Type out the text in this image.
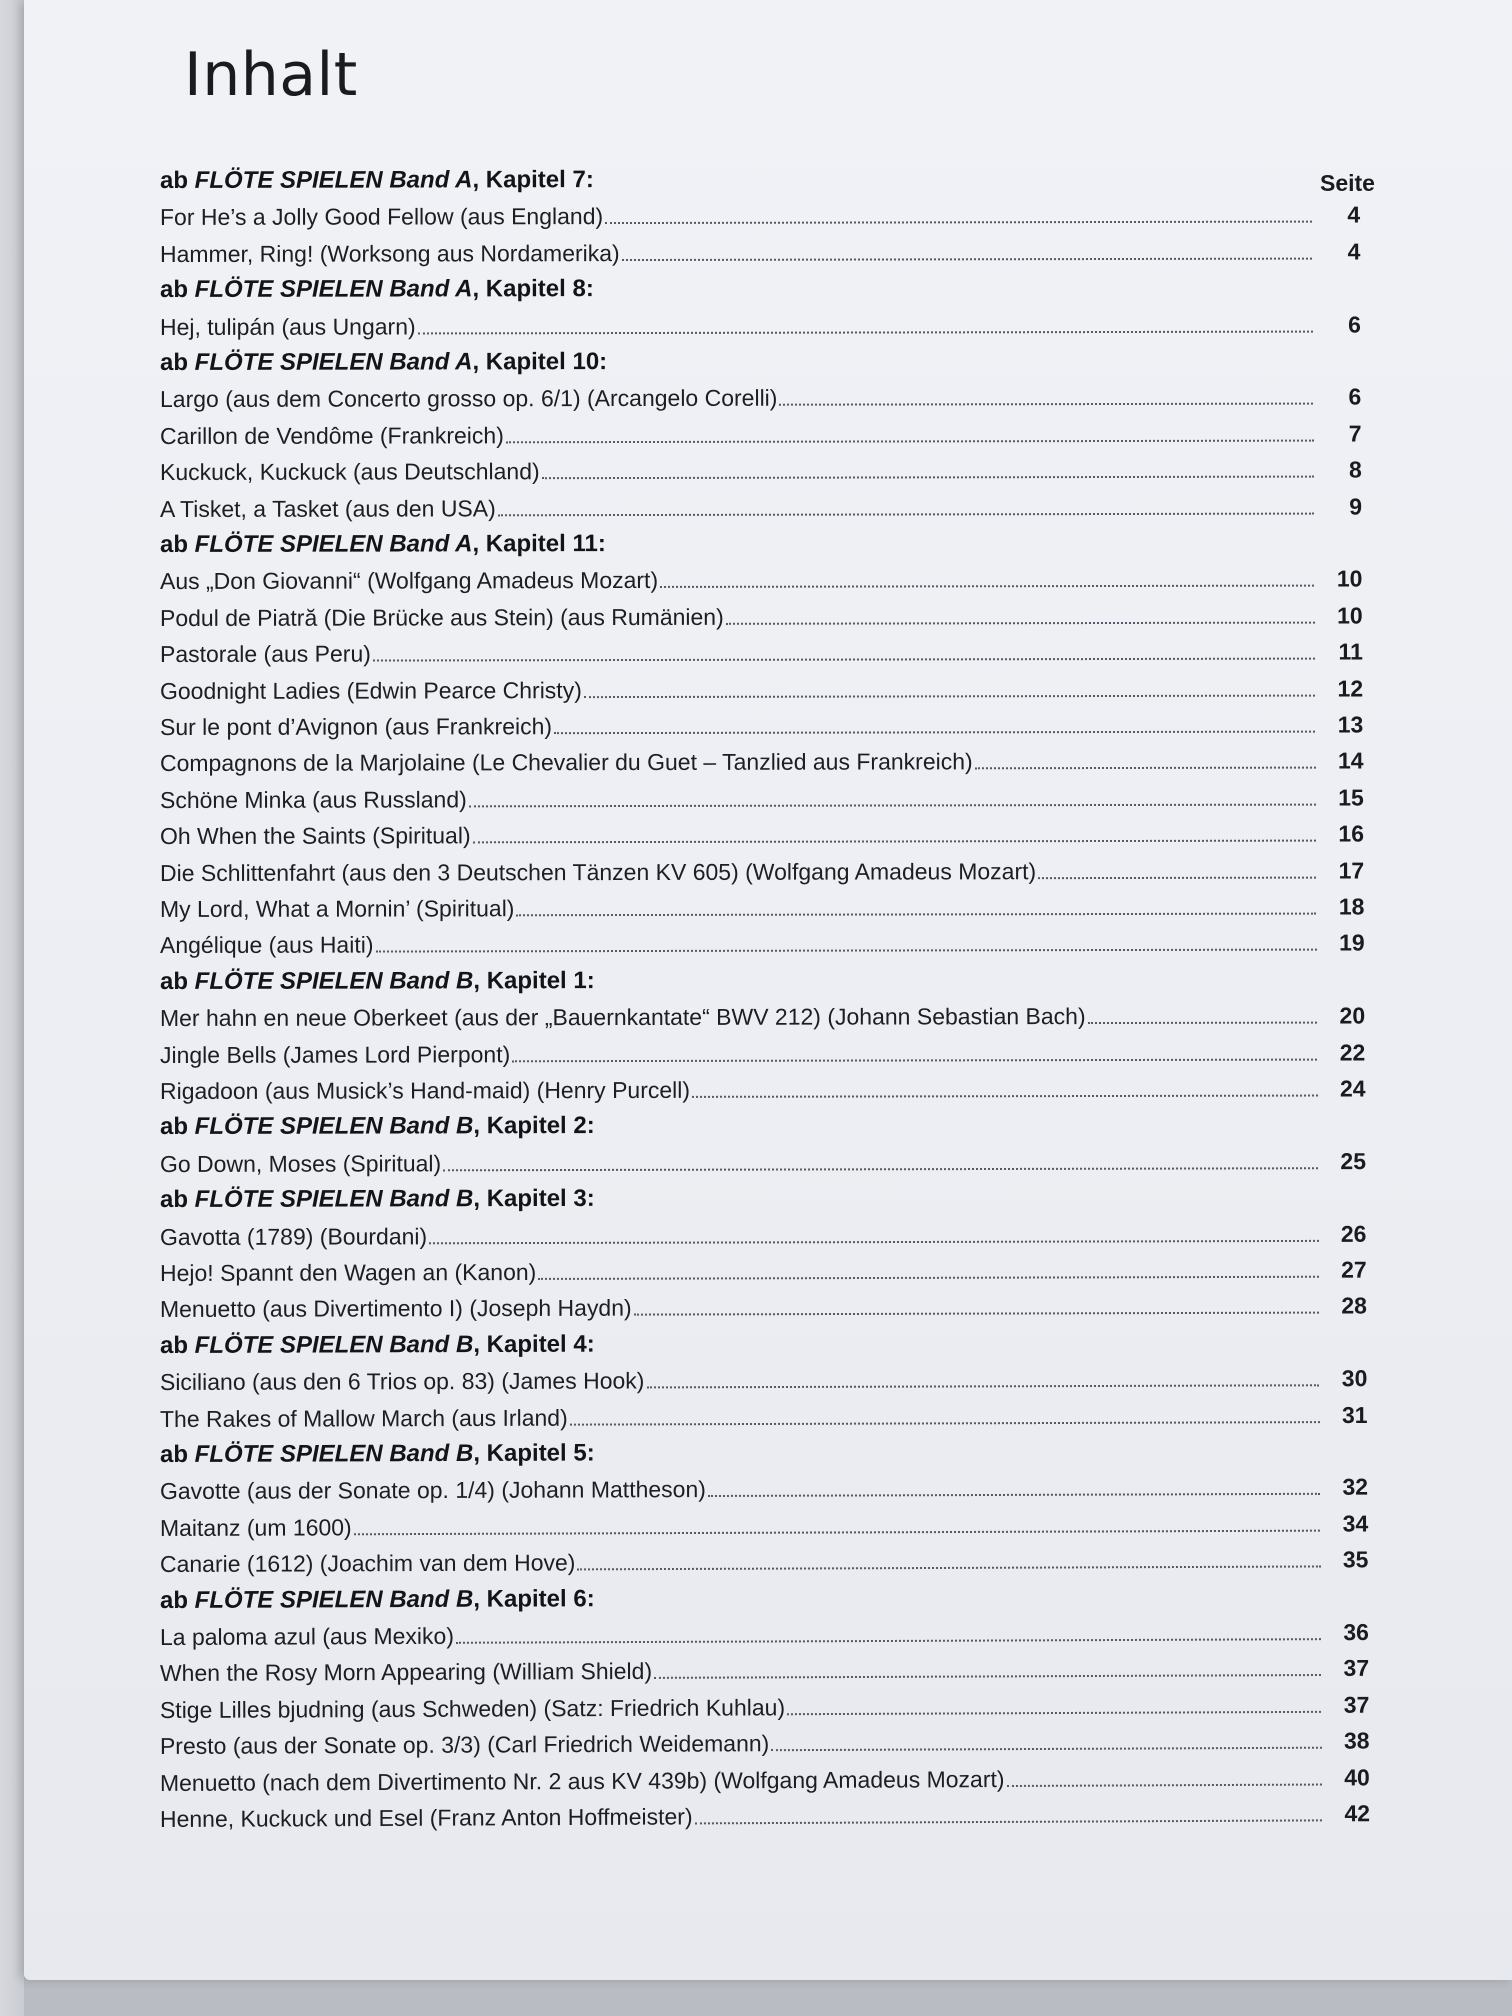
Inhalt
Seite
ab FLÖTE SPIELEN Band A, Kapitel 7:
For He’s a Jolly Good Fellow (aus England)	4
Hammer, Ring! (Worksong aus Nordamerika)	4
ab FLÖTE SPIELEN Band A, Kapitel 8:
Hej, tulipán (aus Ungarn)	6
ab FLÖTE SPIELEN Band A, Kapitel 10:
Largo (aus dem Concerto grosso op. 6/1) (Arcangelo Corelli)	6
Carillon de Vendôme (Frankreich)	7
Kuckuck, Kuckuck (aus Deutschland)	8
A Tisket, a Tasket (aus den USA)	9
ab FLÖTE SPIELEN Band A, Kapitel 11:
Aus „Don Giovanni“ (Wolfgang Amadeus Mozart)	10
Podul de Piatră (Die Brücke aus Stein) (aus Rumänien)	10
Pastorale (aus Peru)	11
Goodnight Ladies (Edwin Pearce Christy)	12
Sur le pont d’Avignon (aus Frankreich)	13
Compagnons de la Marjolaine (Le Chevalier du Guet – Tanzlied aus Frankreich)	14
Schöne Minka (aus Russland)	15
Oh When the Saints (Spiritual)	16
Die Schlittenfahrt (aus den 3 Deutschen Tänzen KV 605) (Wolfgang Amadeus Mozart)	17
My Lord, What a Mornin’ (Spiritual)	18
Angélique (aus Haiti)	19
ab FLÖTE SPIELEN Band B, Kapitel 1:
Mer hahn en neue Oberkeet (aus der „Bauernkantate“ BWV 212) (Johann Sebastian Bach)	20
Jingle Bells (James Lord Pierpont)	22
Rigadoon (aus Musick’s Hand-maid) (Henry Purcell)	24
ab FLÖTE SPIELEN Band B, Kapitel 2:
Go Down, Moses (Spiritual)	25
ab FLÖTE SPIELEN Band B, Kapitel 3:
Gavotta (1789) (Bourdani)	26
Hejo! Spannt den Wagen an (Kanon)	27
Menuetto (aus Divertimento I) (Joseph Haydn)	28
ab FLÖTE SPIELEN Band B, Kapitel 4:
Siciliano (aus den 6 Trios op. 83) (James Hook)	30
The Rakes of Mallow March (aus Irland)	31
ab FLÖTE SPIELEN Band B, Kapitel 5:
Gavotte (aus der Sonate op. 1/4) (Johann Mattheson)	32
Maitanz (um 1600)	34
Canarie (1612) (Joachim van dem Hove)	35
ab FLÖTE SPIELEN Band B, Kapitel 6:
La paloma azul (aus Mexiko)	36
When the Rosy Morn Appearing (William Shield)	37
Stige Lilles bjudning (aus Schweden) (Satz: Friedrich Kuhlau)	37
Presto (aus der Sonate op. 3/3) (Carl Friedrich Weidemann)	38
Menuetto (nach dem Divertimento Nr. 2 aus KV 439b) (Wolfgang Amadeus Mozart)	40
Henne, Kuckuck und Esel (Franz Anton Hoffmeister)	42
